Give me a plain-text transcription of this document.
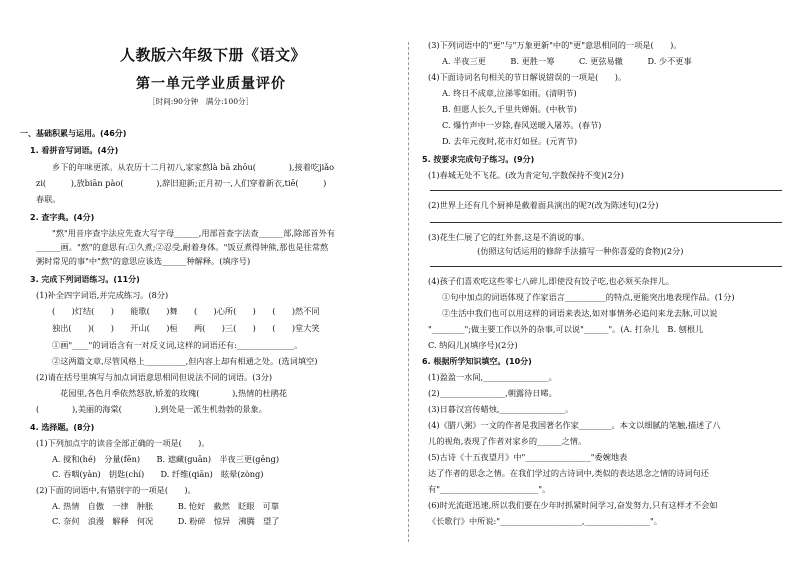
人教版六年级下册《语文》
第一单元学业质量评价
［时间:90分钟　满分:100分］
一、基础积累与运用。(46分)
1. 看拼音写词语。(4分)
乡下的年味更浓。从农历十二月初八,家家熬là bā zhōu(　　　　),接着吃jiǎo
zi(　　　),放biān pào(　　　　),辞旧迎新;正月初一,人们穿着新衣,tiē(　　　)
春联。
2. 查字典。(4分)
"熬"用音序查字法应先查大写字母______,用部首查字法查______部,除部首外有
______画。"熬"的意思有:①久煮;②忍受,耐着身体。"饭豆煮得钟熊,那也是往常熬
粥时常见的事"中"熬"的意思应该选______种解释。(填序号)
3. 完成下列词语练习。(11分)
(1)补全四字词语,并完成练习。(8分)
(　　)灯结(　　)　　能歌(　　)舞　　(　　)心所(　　)　　(　　)然不同
独出(　　)(　　)　　开山(　　)桓　　两(　　)三(　　)　　(　　)堂大笑
①画"____"的词语含有一对反义词,这样的词语还有:______________。
②这两篇文章,尽管风格上__________,但内容上却有相通之处。(选词填空)
(2)请在括号里填写与加点词语意思相同但说法不同的词语。(3分)
花园里,各色月季依然怒放,娇羞的玫瑰(　　　　),热情的杜鹃花
(　　　　),美丽的海棠(　　　　),到处是一派生机勃勃的景象。
4. 选择题。(8分)
(1)下列加点字的读音全部正确的一项是(　　)。
A. 搅和(hé)　分量(fēn)　　B. 遮藏(guān)　半夜三更(gēng)
C. 吞咽(yàn)　钥匙(chí)　　D. 纤维(qiān)　眩晕(zòng)
(2)下面的词语中,有错别字的一项是(　　)。
A. 热情　自傲　一律　肿胀　　　B. 怆好　截然　眨眼　可靠
C. 奈何　浪漫　解释　何况　　　D. 粉碎　惊异　沸腾　望了
(3)下列词语中的"更"与"万象更新"中的"更"意思相同的一项是(　　)。
A. 半夜三更　　　B. 更胜一筹　　　C. 更弦易辙　　　D. 少不更事
(4)下面诗词名句相关的节日解说错误的一项是(　　)。
A. 终日不成章,泣涕零如雨。(清明节)
B. 但愿人长久,千里共婵娟。(中秋节)
C. 爆竹声中一岁除,春风送暖入屠苏。(春节)
D. 去年元夜时,花市灯如昼。(元宵节)
5. 按要求完成句子练习。(9分)
(1)春城无处不飞花。(改为肯定句,字数保持不变)(2分)
(2)世界上还有几个厨神是截着面具演出的呢?(改为陈述句)(2分)
(3)花生仁展了它的红外套,这是不消说的事。
　　　　　　(仿照这句话运用的修辞手法描写一种你喜爱的食物)(2分)
(4)孩子们喜欢吃这些零七八碎儿,即使没有饺子吃,也必须买杂拌儿。
①句中加点的词语体现了作家语言__________的特点,更能突出地表现作品。(1分)
②生活中我们也可以用这样的词语来表达,如对事情务必追问来龙去脉,可以说
"________";做主要工作以外的杂事,可以说"______"。(A. 打杂儿　B. 刨根儿
C. 纳闷儿)(填序号)(2分)
6. 根据所学知识填空。(10分)
(1)盈盈一水间,________________。
(2)________________,朝露待日晞。
(3)日暮汉宫传蜡烛,________________。
(4)《腊八粥》一文的作者是我国著名作家________。本文以细腻的笔触,描述了八
儿的视角,表现了作者对家乡的______之情。
(5)古诗《十五夜望月》中"________________"委婉地表
达了作者的思念之情。在我们学过的古诗词中,类似的表达思念之情的诗词句还
有"________________________"。
(6)时光流逝迅速,所以我们要在少年时抓紧时间学习,奋发努力,只有这样才不会如
《长歌行》中所说:"____________________,________________"。
